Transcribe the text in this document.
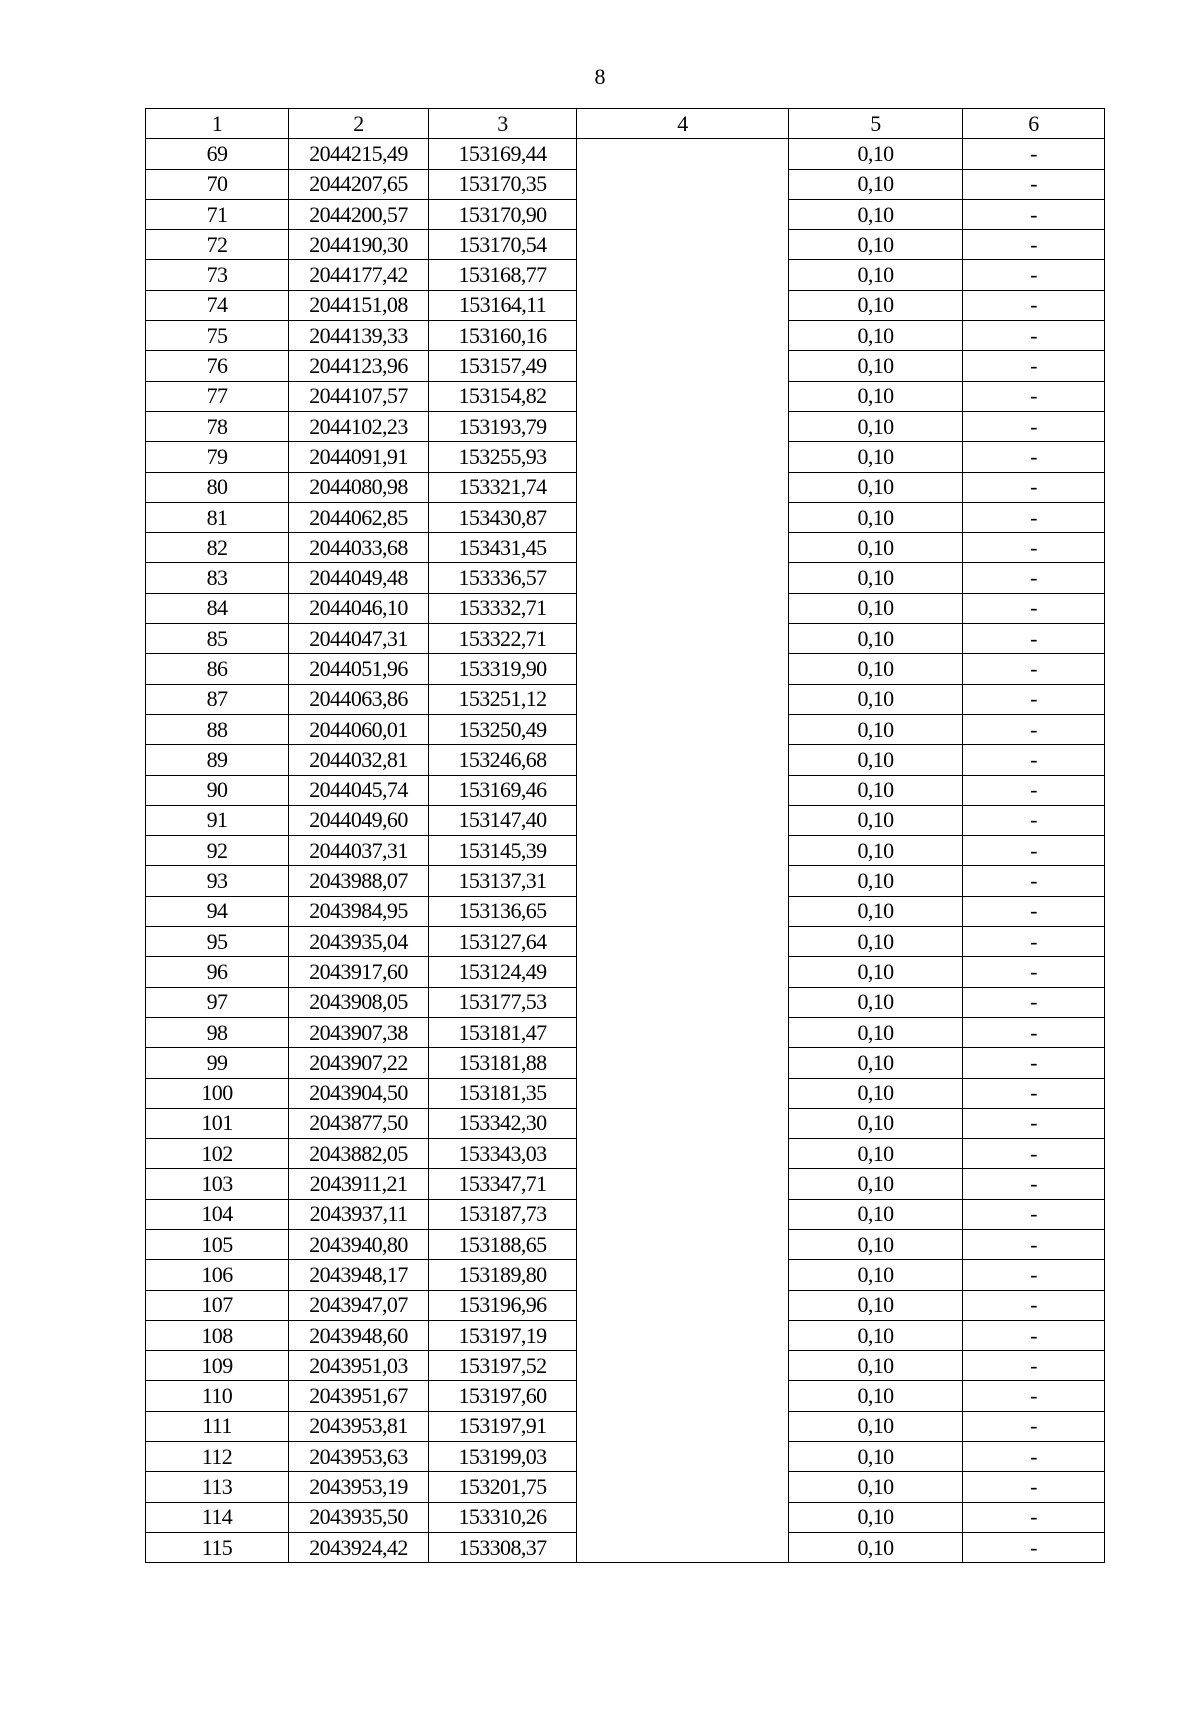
8
1	2	3	4	5	6
69	2044215,49	153169,44		0,10	-
70	2044207,65	153170,35		0,10	-
71	2044200,57	153170,90		0,10	-
72	2044190,30	153170,54		0,10	-
73	2044177,42	153168,77		0,10	-
74	2044151,08	153164,11		0,10	-
75	2044139,33	153160,16		0,10	-
76	2044123,96	153157,49		0,10	-
77	2044107,57	153154,82		0,10	-
78	2044102,23	153193,79		0,10	-
79	2044091,91	153255,93		0,10	-
80	2044080,98	153321,74		0,10	-
81	2044062,85	153430,87		0,10	-
82	2044033,68	153431,45		0,10	-
83	2044049,48	153336,57		0,10	-
84	2044046,10	153332,71		0,10	-
85	2044047,31	153322,71		0,10	-
86	2044051,96	153319,90		0,10	-
87	2044063,86	153251,12		0,10	-
88	2044060,01	153250,49		0,10	-
89	2044032,81	153246,68		0,10	-
90	2044045,74	153169,46		0,10	-
91	2044049,60	153147,40		0,10	-
92	2044037,31	153145,39		0,10	-
93	2043988,07	153137,31		0,10	-
94	2043984,95	153136,65		0,10	-
95	2043935,04	153127,64		0,10	-
96	2043917,60	153124,49		0,10	-
97	2043908,05	153177,53		0,10	-
98	2043907,38	153181,47		0,10	-
99	2043907,22	153181,88		0,10	-
100	2043904,50	153181,35		0,10	-
101	2043877,50	153342,30		0,10	-
102	2043882,05	153343,03		0,10	-
103	2043911,21	153347,71		0,10	-
104	2043937,11	153187,73		0,10	-
105	2043940,80	153188,65		0,10	-
106	2043948,17	153189,80		0,10	-
107	2043947,07	153196,96		0,10	-
108	2043948,60	153197,19		0,10	-
109	2043951,03	153197,52		0,10	-
110	2043951,67	153197,60		0,10	-
111	2043953,81	153197,91		0,10	-
112	2043953,63	153199,03		0,10	-
113	2043953,19	153201,75		0,10	-
114	2043935,50	153310,26		0,10	-
115	2043924,42	153308,37		0,10	-
